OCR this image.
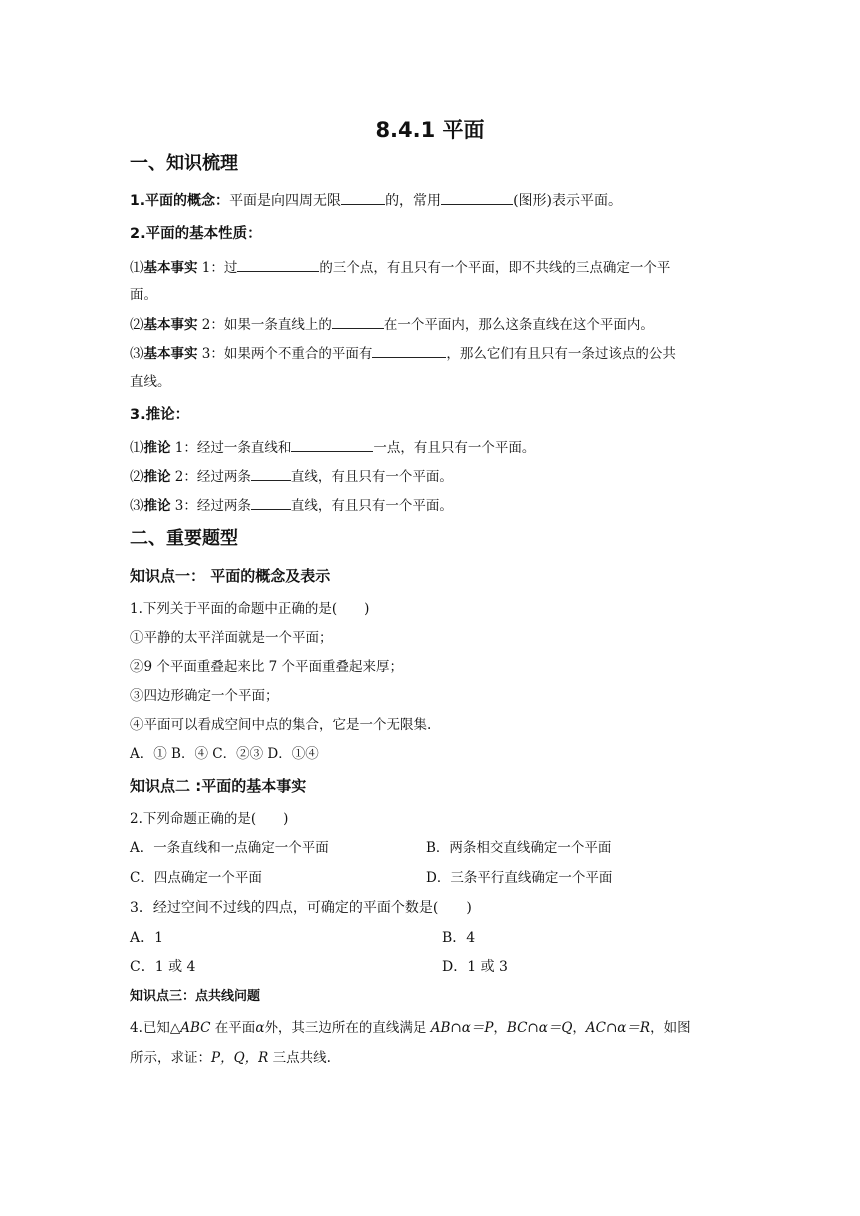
8.4.1 平面
一、知识梳理
1.平面的概念：平面是向四周无限	的，常用	(图形)表示平面。
2.平面的基本性质：
⑴基本事实 1：过	的三个点，有且只有一个平面，即不共线的三点确定一个平
面。
⑵基本事实 2：如果一条直线上的	在一个平面内，那么这条直线在这个平面内。
⑶基本事实 3：如果两个不重合的平面有	，那么它们有且只有一条过该点的公共
直线。
3.推论：
⑴推论 1：经过一条直线和	一点，有且只有一个平面。
⑵推论 2：经过两条	直线，有且只有一个平面。
⑶推论 3：经过两条	直线，有且只有一个平面。
二、重要题型
知识点一： 平面的概念及表示
1.下列关于平面的命题中正确的是(　　)
①平静的太平洋面就是一个平面；
②9 个平面重叠起来比 7 个平面重叠起来厚；
③四边形确定一个平面；
④平面可以看成空间中点的集合，它是一个无限集.
A．① B．④ C．②③ D．①④
知识点二 :平面的基本事实
2.下列命题正确的是(　　)
A．一条直线和一点确定一个平面	B．两条相交直线确定一个平面
C．四点确定一个平面	D．三条平行直线确定一个平面
3．经过空间不过线的四点，可确定的平面个数是(　　)
A．1	B．4
C．1 或 4	D．1 或 3
知识点三：点共线问题
4.已知△ABC 在平面α外，其三边所在的直线满足 AB∩α＝P，BC∩α＝Q，AC∩α＝R，如图
所示，求证：P，Q，R 三点共线.
